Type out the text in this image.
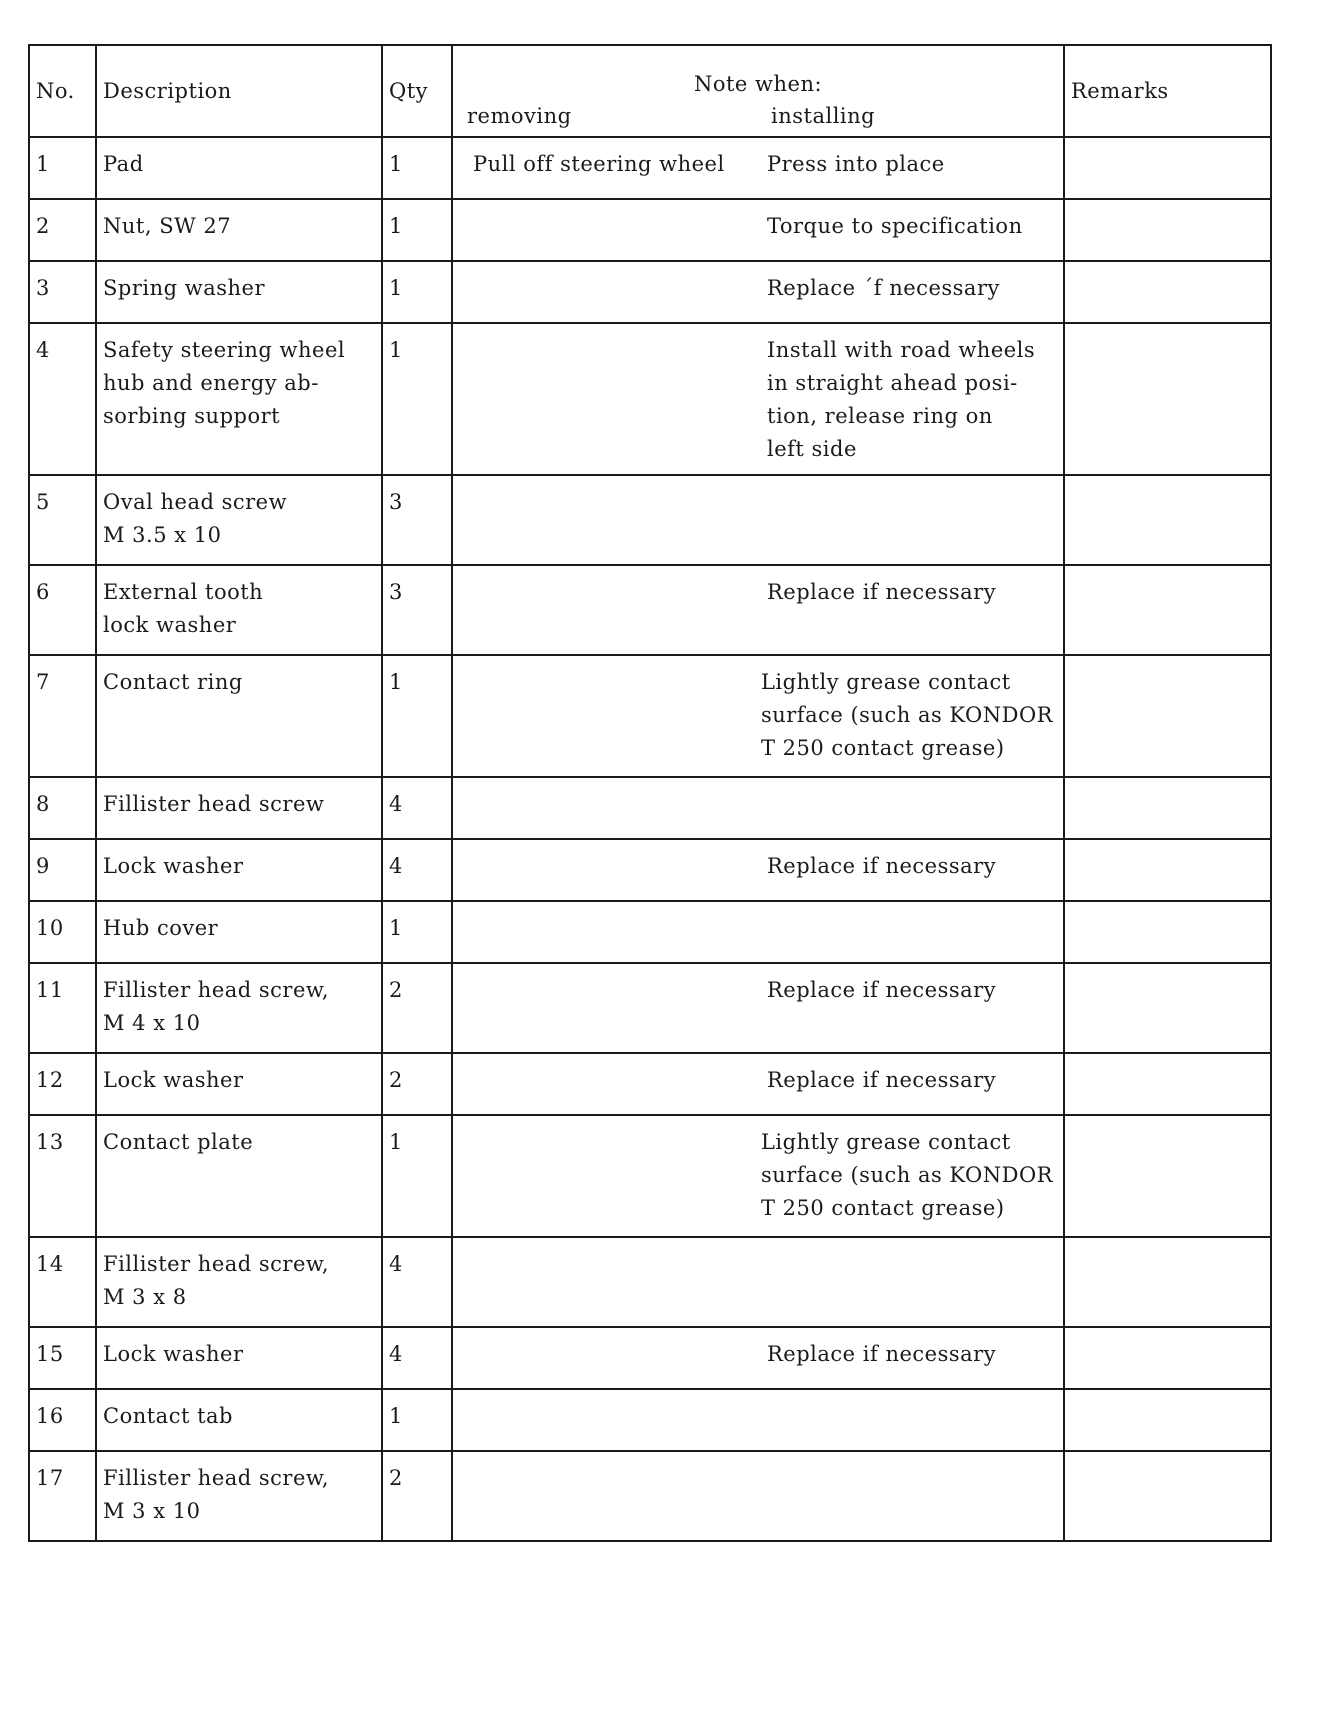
No.	Description	Qty	Note when:
removing installing	Remarks
1	Pad	1	Pull off steering wheel Press into place	

2	Nut, SW 27	1	Torque to specification	

3	Spring washer	1	Replace ´f necessary	

4	Safety steering wheel
hub and energy ab-
sorbing support	1	Install with road wheels
in straight ahead posi-
tion, release ring on
left side	

5	Oval head screw
M 3.5 x 10	3	

6	External tooth
lock washer	3	Replace if necessary	

7	Contact ring	1	Lightly grease contact
surface (such as KONDOR
T 250 contact grease)	

8	Fillister head screw	4	

9	Lock washer	4	Replace if necessary	

10	Hub cover	1	

11	Fillister head screw,
M 4 x 10	2	Replace if necessary	

12	Lock washer	2	Replace if necessary	

13	Contact plate	1	Lightly grease contact
surface (such as KONDOR
T 250 contact grease)	

14	Fillister head screw,
M 3 x 8	4	

15	Lock washer	4	Replace if necessary	

16	Contact tab	1	

17	Fillister head screw,
M 3 x 10	2	
